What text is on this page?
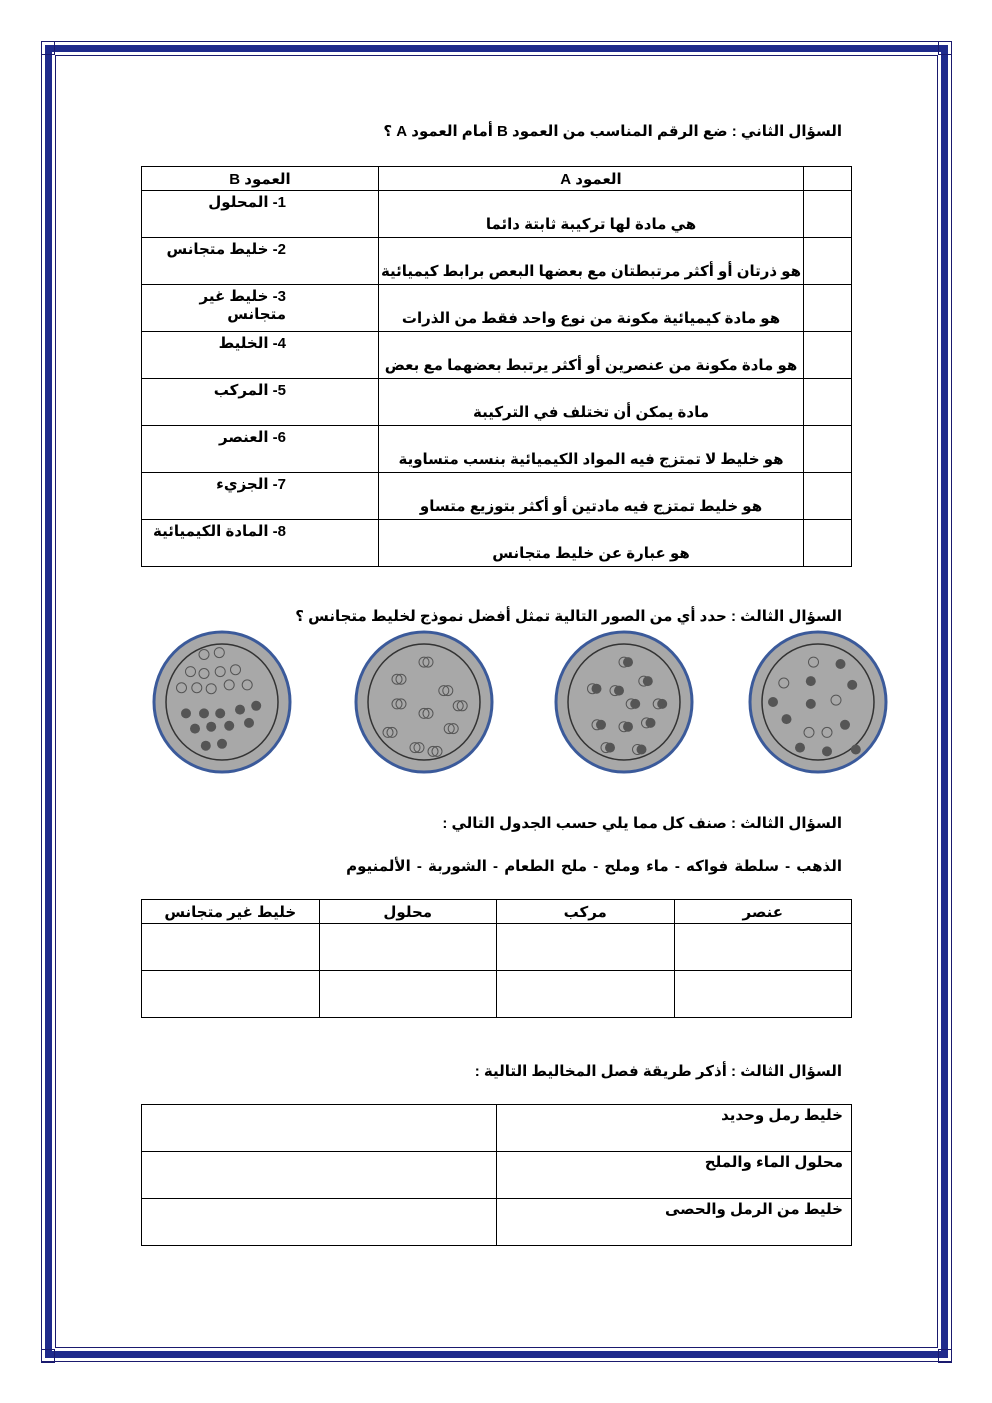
السؤال الثاني : ضع الرقم المناسب من العمود B أمام العمود A ؟
	العمود A	العمود B
	هي مادة لها تركيبة ثابتة دائما	1- المحلول
	هو ذرتان أو أكثر مرتبطتان مع بعضها البعص برابط كيميائية	2- خليط متجانس
	هو مادة كيميائية مكونة من نوع واحد فقط من الذرات	3- خليط غير متجانس
	هو مادة مكونة من عنصرين أو أكثر يرتبط بعضهما مع بعض	4- الخليط
	مادة يمكن أن تختلف في التركيبة	5- المركب
	هو خليط لا تمتزج فيه المواد الكيميائية بنسب متساوية	6- العنصر
	هو خليط تمتزج فيه مادتين أو أكثر بتوزيع متساو	7- الجزيء
	هو عبارة عن خليط متجانس	8- المادة الكيميائية
السؤال الثالث : حدد أي من الصور التالية تمثل أفضل نموذج لخليط متجانس ؟
السؤال الثالث : صنف كل مما يلي حسب الجدول التالي :
الذهب - سلطة فواكه - ماء وملح - ملح الطعام - الشوربة - الألمنيوم
عنصر	مركب	محلول	خليط غير متجانس

السؤال الثالث : أذكر طريقة فصل المخاليط التالية :
خليط رمل وحديد	
محلول الماء والملح	
خليط من الرمل والحصى	
